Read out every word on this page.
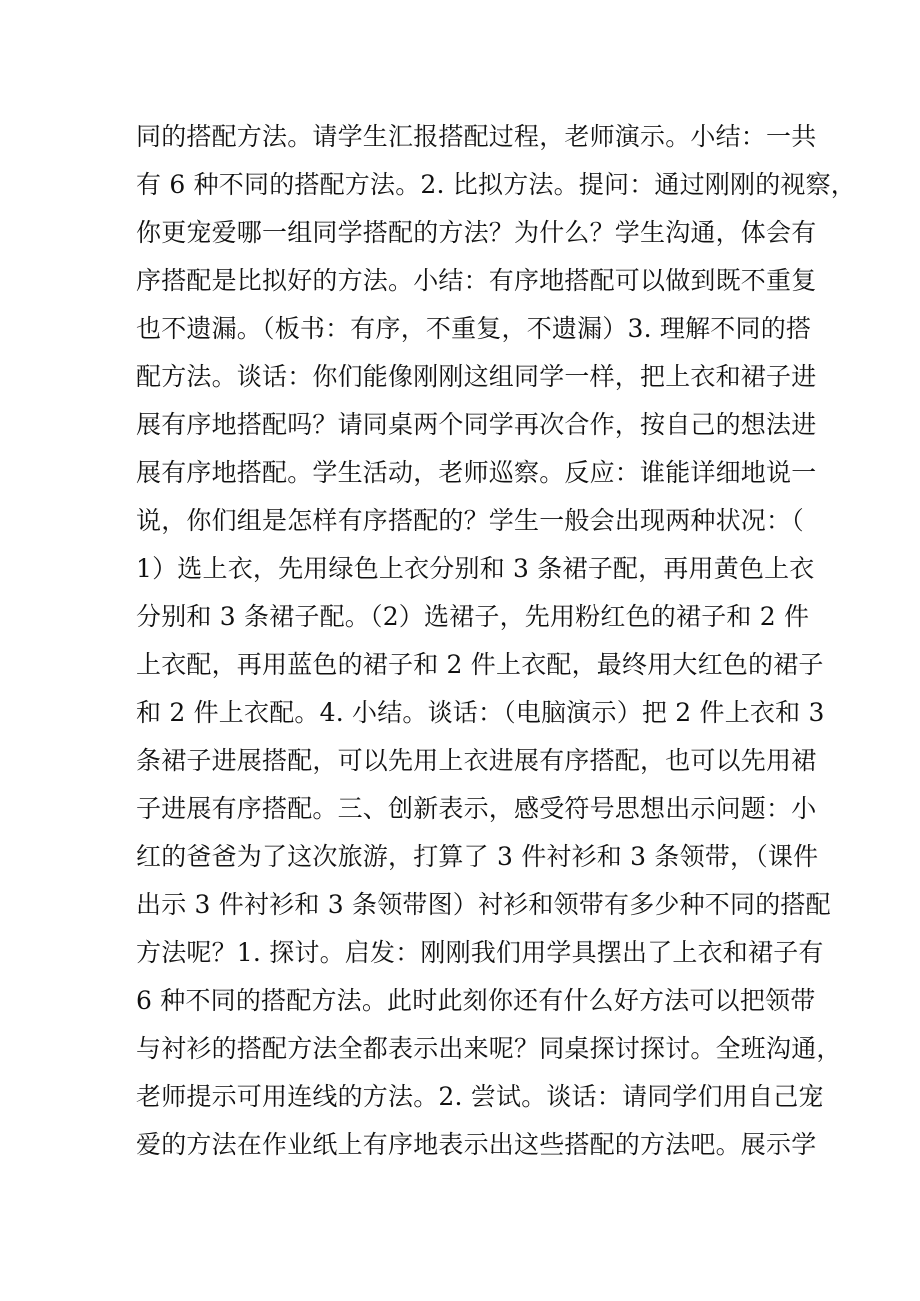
同的搭配方法。请学生汇报搭配过程，老师演示。小结：一共
有 6 种不同的搭配方法。2. 比拟方法。提问：通过刚刚的视察，
你更宠爱哪一组同学搭配的方法？为什么？学生沟通，体会有
序搭配是比拟好的方法。小结：有序地搭配可以做到既不重复
也不遗漏。（板书：有序，不重复，不遗漏）3. 理解不同的搭
配方法。谈话：你们能像刚刚这组同学一样，把上衣和裙子进
展有序地搭配吗？请同桌两个同学再次合作，按自己的想法进
展有序地搭配。学生活动，老师巡察。反应：谁能详细地说一
说，你们组是怎样有序搭配的？学生一般会出现两种状况：（
1）选上衣，先用绿色上衣分别和 3 条裙子配，再用黄色上衣
分别和 3 条裙子配。（2）选裙子，先用粉红色的裙子和 2 件
上衣配，再用蓝色的裙子和 2 件上衣配，最终用大红色的裙子
和 2 件上衣配。4. 小结。谈话：（电脑演示）把 2 件上衣和 3
条裙子进展搭配，可以先用上衣进展有序搭配，也可以先用裙
子进展有序搭配。三、创新表示，感受符号思想出示问题：小
红的爸爸为了这次旅游，打算了 3 件衬衫和 3 条领带，（课件
出示 3 件衬衫和 3 条领带图）衬衫和领带有多少种不同的搭配
方法呢？1. 探讨。启发：刚刚我们用学具摆出了上衣和裙子有
6 种不同的搭配方法。此时此刻你还有什么好方法可以把领带
与衬衫的搭配方法全都表示出来呢？同桌探讨探讨。全班沟通，
老师提示可用连线的方法。2. 尝试。谈话：请同学们用自己宠
爱的方法在作业纸上有序地表示出这些搭配的方法吧。展示学
